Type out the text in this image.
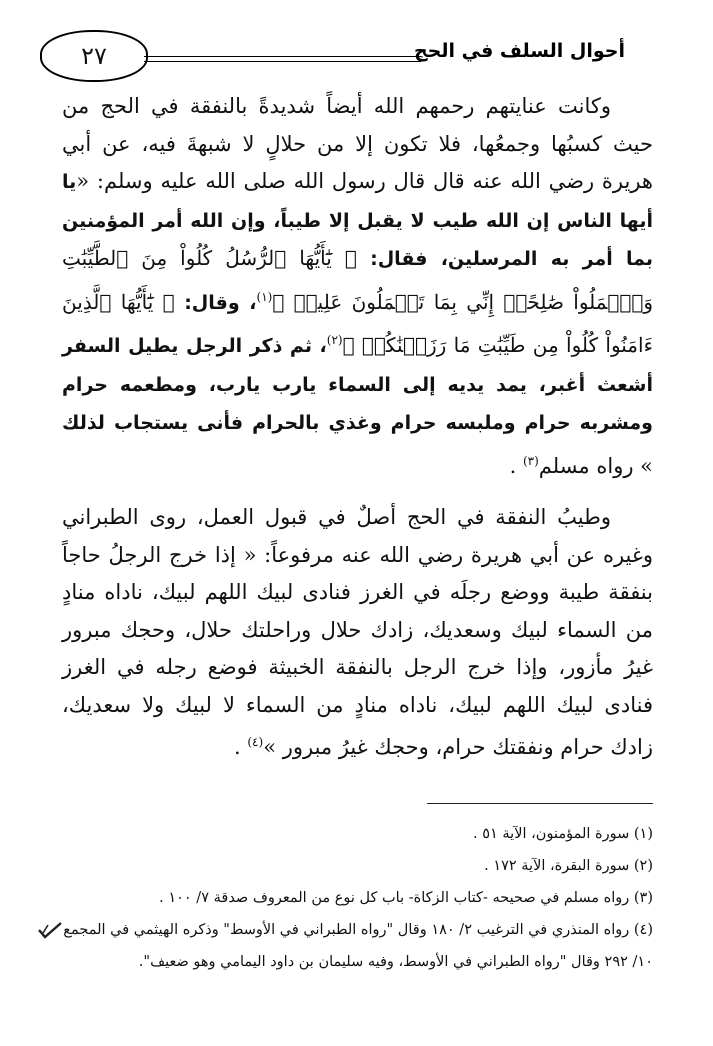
٢٧	أحوال السلف في الحج

وكانت عنايتهم رحمهم الله أيضاً شديدةً بالنفقة في الحج من حيث كسبُها وجمعُها، فلا تكون إلا من حلالٍ لا شبهةَ فيه، عن أبي هريرة رضي الله عنه قال قال رسول الله صلى الله عليه وسلم: «يا أيها الناس إن الله طيب لا يقبل إلا طيباً، وإن الله أمر المؤمنين بما أمر به المرسلين، فقال: ﴿ يَٰٓأَيُّهَا ٱلرُّسُلُ كُلُواْ مِنَ ٱلطَّيِّبَٰتِ وَٱعۡمَلُواْ صَٰلِحًاۖ إِنِّي بِمَا تَعۡمَلُونَ عَلِيمٞ ﴾$^{(١)}$، وقال: ﴿ يَٰٓأَيُّهَا ٱلَّذِينَ ءَامَنُواْ كُلُواْ مِن طَيِّبَٰتِ مَا رَزَقۡنَٰكُمۡ ﴾$^{(٢)}$، ثم ذكر الرجل يطيل السفر أشعث أغبر، يمد يديه إلى السماء يارب يارب، ومطعمه حرام ومشربه حرام وملبسه حرام وغذي بالحرام فأنى يستجاب لذلك » رواه مسلم$^{(٣)}$ .

وطيبُ النفقة في الحج أصلٌ في قبول العمل، روى الطبراني وغيره عن أبي هريرة رضي الله عنه مرفوعاً: « إذا خرج الرجلُ حاجاً بنفقة طيبة ووضع رجلَه في الغرز فنادى لبيك اللهم لبيك، ناداه منادٍ من السماء لبيك وسعديك، زادك حلال وراحلتك حلال، وحجك مبرور غيرُ مأزور، وإذا خرج الرجل بالنفقة الخبيثة فوضع رجله في الغرز فنادى لبيك اللهم لبيك، ناداه منادٍ من السماء لا لبيك ولا سعديك، زادك حرام ونفقتك حرام، وحجك غيرُ مبرور »$^{(٤)}$ .

(١) سورة المؤمنون، الآية ٥١ .

(٢) سورة البقرة، الآية ١٧٢ .

(٣) رواه مسلم في صحيحه -كتاب الزكاة- باب كل نوع من المعروف صدقة ٧/ ١٠٠ .

(٤) رواه المنذري في الترغيب ٢/ ١٨٠ وقال "رواه الطبراني في الأوسط" وذكره الهيثمي في المجمع

١٠/ ٢٩٢ وقال "رواه الطبراني في الأوسط، وفيه سليمان بن داود اليمامي وهو ضعيف".
